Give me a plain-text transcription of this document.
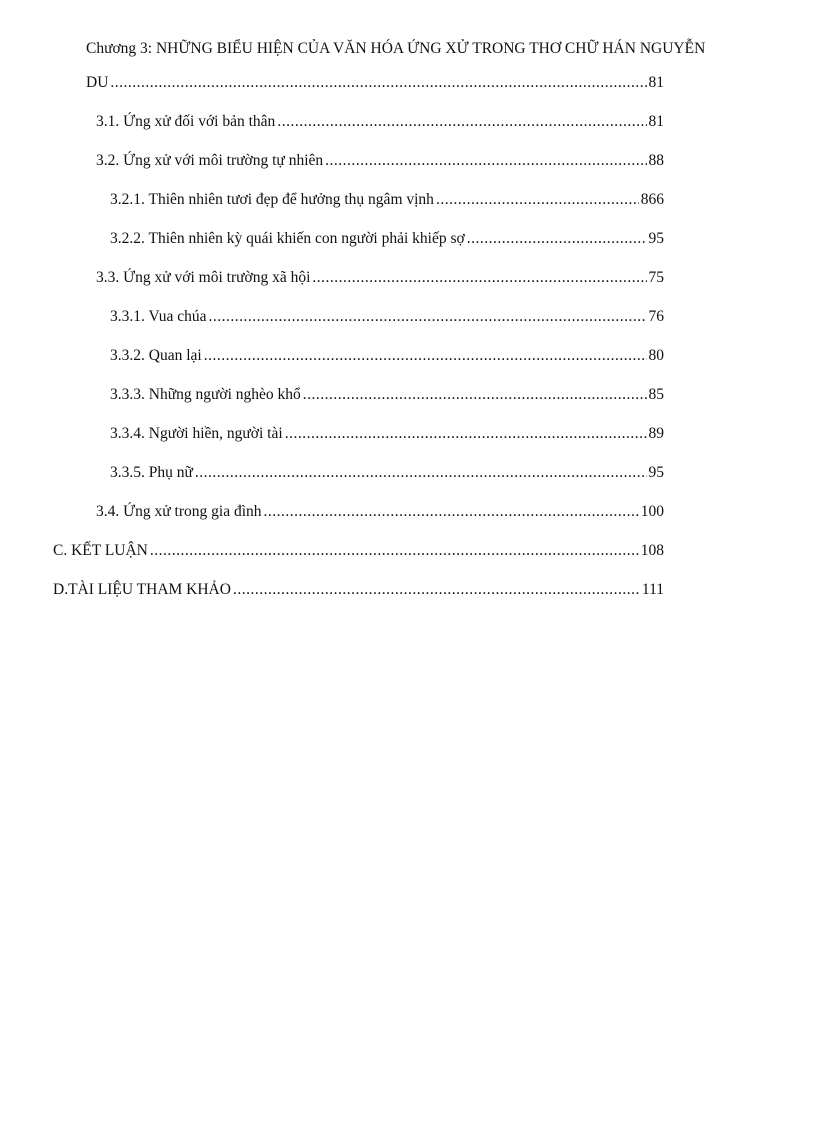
Chương 3: NHỮNG BIỂU HIỆN CỦA VĂN HÓA ỨNG XỬ TRONG THƠ CHỮ HÁN NGUYỄN
DU .....	81
3.1. Ứng xử đối với bản thân .....	81
3.2. Ứng xử với môi trường tự nhiên .....	88
3.2.1. Thiên nhiên tươi đẹp để hưởng thụ ngâm vịnh .....	866
3.2.2. Thiên nhiên kỳ quái khiến con người phải khiếp sợ .....	95
3.3. Ứng xử với môi trường xã hội .....	75
3.3.1. Vua chúa .....	76
3.3.2. Quan lại .....	80
3.3.3. Những người nghèo khổ .....	85
3.3.4. Người hiền, người tài .....	89
3.3.5. Phụ nữ .....	95
3.4. Ứng xử trong gia đình .....	100
C. KẾT LUẬN .....	108
D.TÀI LIỆU THAM KHẢO .....	111
